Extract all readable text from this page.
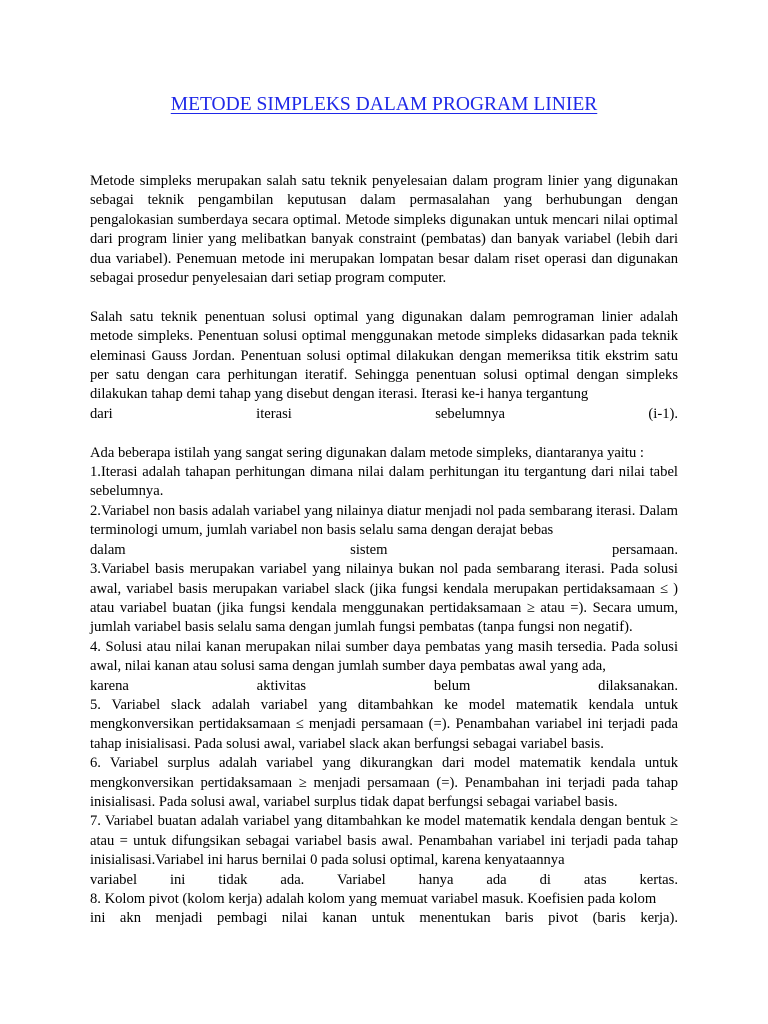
METODE SIMPLEKS DALAM PROGRAM LINIER

Metode simpleks merupakan salah satu teknik penyelesaian dalam program linier yang digunakan sebagai teknik pengambilan keputusan dalam permasalahan yang berhubungan dengan pengalokasian sumberdaya secara optimal. Metode simpleks digunakan untuk mencari nilai optimal dari program linier yang melibatkan banyak constraint (pembatas) dan banyak variabel (lebih dari dua variabel). Penemuan metode ini merupakan lompatan besar dalam riset operasi dan digunakan sebagai prosedur penyelesaian dari setiap program computer.

Salah satu teknik penentuan solusi optimal yang digunakan dalam pemrograman linier adalah metode simpleks. Penentuan solusi optimal menggunakan metode simpleks didasarkan pada teknik eleminasi Gauss Jordan. Penentuan solusi optimal dilakukan dengan memeriksa titik ekstrim satu per satu dengan cara perhitungan iteratif. Sehingga penentuan solusi optimal dengan simpleks dilakukan tahap demi tahap yang disebut dengan iterasi. Iterasi ke-i hanya tergantung
dari iterasi sebelumnya (i-1).

Ada beberapa istilah yang sangat sering digunakan dalam metode simpleks, diantaranya yaitu :
1.Iterasi adalah tahapan perhitungan dimana nilai dalam perhitungan itu tergantung dari nilai tabel sebelumnya.
2.Variabel non basis adalah variabel yang nilainya diatur menjadi nol pada sembarang iterasi. Dalam terminologi umum, jumlah variabel non basis selalu sama dengan derajat bebas
dalam sistem persamaan.
3.Variabel basis merupakan variabel yang nilainya bukan nol pada sembarang iterasi. Pada solusi awal, variabel basis merupakan variabel slack (jika fungsi kendala merupakan pertidaksamaan ≤ ) atau variabel buatan (jika fungsi kendala menggunakan pertidaksamaan ≥ atau =). Secara umum, jumlah variabel basis selalu sama dengan jumlah fungsi pembatas (tanpa fungsi non negatif).
4. Solusi atau nilai kanan merupakan nilai sumber daya pembatas yang masih tersedia. Pada solusi awal, nilai kanan atau solusi sama dengan jumlah sumber daya pembatas awal yang ada,
karena aktivitas belum dilaksanakan.
5. Variabel slack adalah variabel yang ditambahkan ke model matematik kendala untuk mengkonversikan pertidaksamaan ≤ menjadi persamaan (=). Penambahan variabel ini terjadi pada tahap inisialisasi. Pada solusi awal, variabel slack akan berfungsi sebagai variabel basis.
6. Variabel surplus adalah variabel yang dikurangkan dari model matematik kendala untuk mengkonversikan pertidaksamaan ≥ menjadi persamaan (=). Penambahan ini terjadi pada tahap inisialisasi. Pada solusi awal, variabel surplus tidak dapat berfungsi sebagai variabel basis.
7. Variabel buatan adalah variabel yang ditambahkan ke model matematik kendala dengan bentuk ≥ atau = untuk difungsikan sebagai variabel basis awal. Penambahan variabel ini terjadi pada tahap inisialisasi.Variabel ini harus bernilai 0 pada solusi optimal, karena kenyataannya
variabel ini tidak ada. Variabel hanya ada di atas kertas.
8. Kolom pivot (kolom kerja) adalah kolom yang memuat variabel masuk. Koefisien pada kolom
ini akn menjadi pembagi nilai kanan untuk menentukan baris pivot (baris kerja).
